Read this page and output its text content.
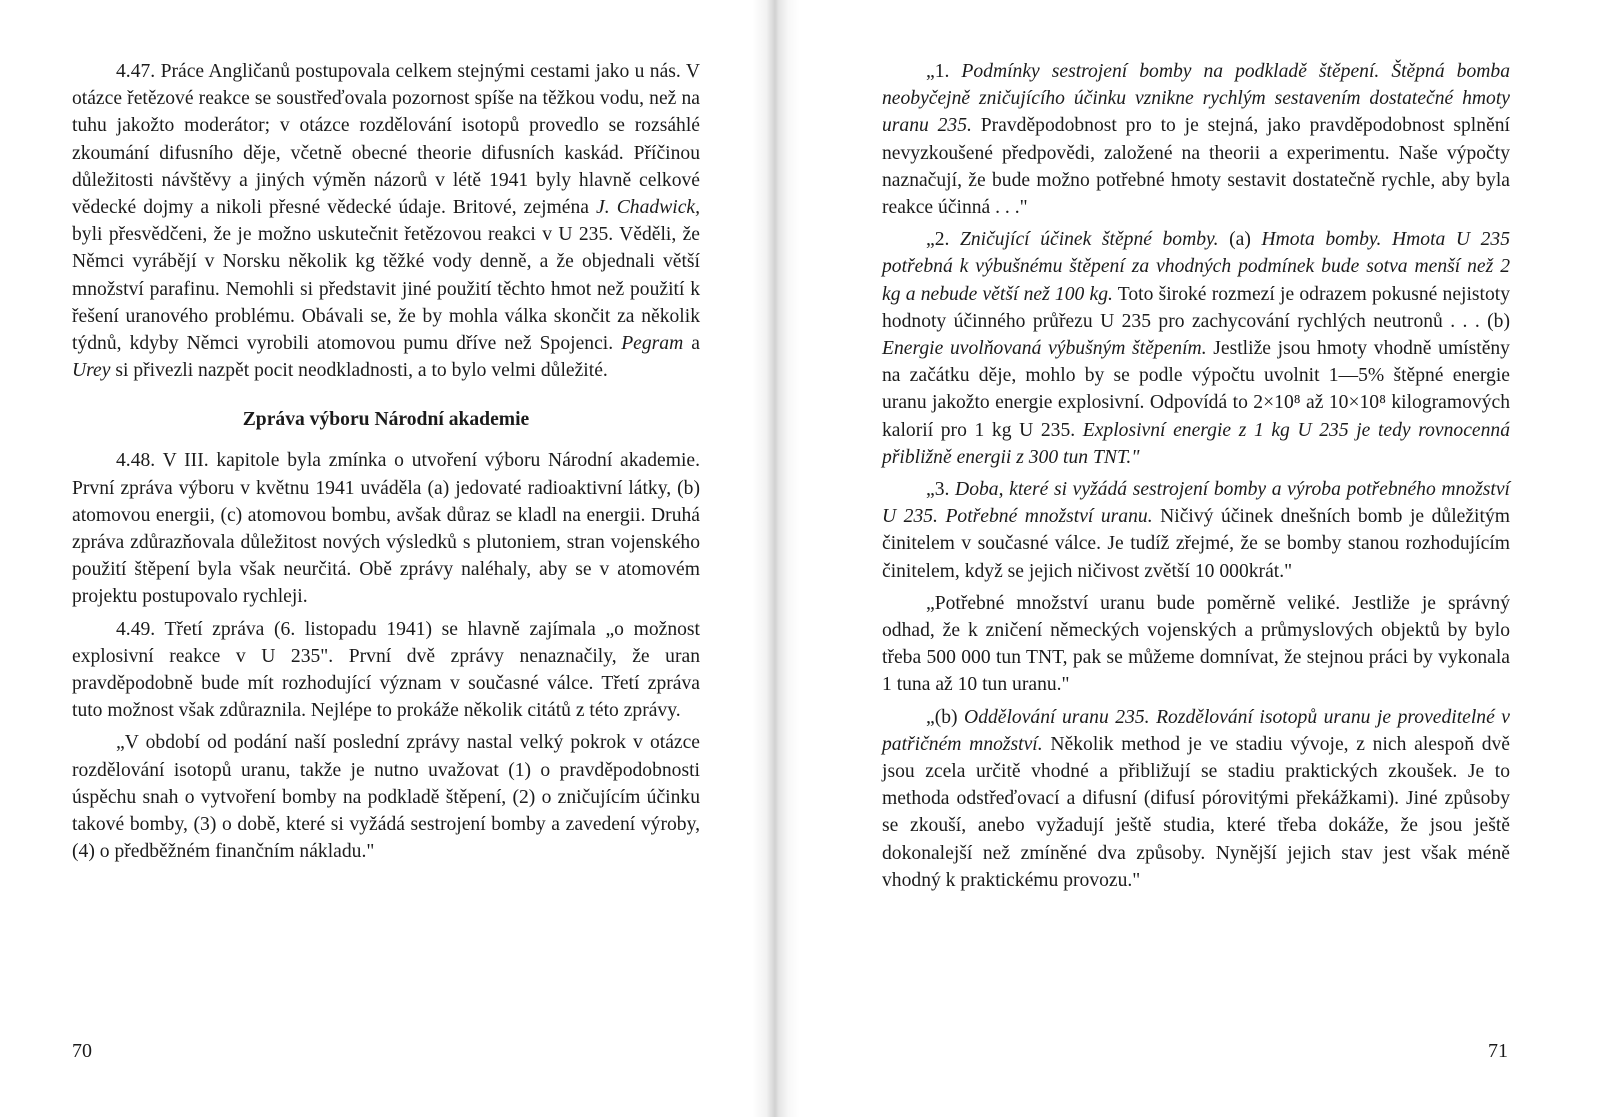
4.47. Práce Angličanů postupovala celkem stejnými cestami jako u nás. V otázce řetězové reakce se soustřeďovala pozornost spíše na těžkou vodu, než na tuhu jakožto moderátor; v otázce rozdělování isotopů provedlo se rozsáhlé zkoumání difusního děje, včetně obecné theorie difusních kaskád. Příčinou důležitosti návštěvy a jiných výměn názorů v létě 1941 byly hlavně celkové vědecké dojmy a nikoli přesné vědecké údaje. Britové, zejména J. Chadwick, byli přesvědčeni, že je možno uskutečnit řetězovou reakci v U 235. Věděli, že Němci vyrábějí v Norsku několik kg těžké vody denně, a že objednali větší množství parafinu. Nemohli si představit jiné použití těchto hmot než použití k řešení uranového problému. Obávali se, že by mohla válka skončit za několik týdnů, kdyby Němci vyrobili atomovou pumu dříve než Spojenci. Pegram a Urey si přivezli nazpět pocit neodkladnosti, a to bylo velmi důležité.

Zpráva výboru Národní akademie

4.48. V III. kapitole byla zmínka o utvoření výboru Národní akademie. První zpráva výboru v květnu 1941 uváděla (a) jedovaté radioaktivní látky, (b) atomovou energii, (c) atomovou bombu, avšak důraz se kladl na energii. Druhá zpráva zdůrazňovala důležitost nových výsledků s plutoniem, stran vojenského použití štěpení byla však neurčitá. Obě zprávy naléhaly, aby se v atomovém projektu postupovalo rychleji.

4.49. Třetí zpráva (6. listopadu 1941) se hlavně zajímala „o možnost explosivní reakce v U 235". První dvě zprávy nenaznačily, že uran pravděpodobně bude mít rozhodující význam v současné válce. Třetí zpráva tuto možnost však zdůraznila. Nejlépe to prokáže několik citátů z této zprávy.

„V období od podání naší poslední zprávy nastal velký pokrok v otázce rozdělování isotopů uranu, takže je nutno uvažovat (1) o pravděpodobnosti úspěchu snah o vytvoření bomby na podkladě štěpení, (2) o zničujícím účinku takové bomby, (3) o době, které si vyžádá sestrojení bomby a zavedení výroby, (4) o předběžném finančním nákladu."

70

„1. Podmínky sestrojení bomby na podkladě štěpení. Štěpná bomba neobyčejně zničujícího účinku vznikne rychlým sestavením dostatečné hmoty uranu 235. Pravděpodobnost pro to je stejná, jako pravděpodobnost splnění nevyzkoušené předpovědi, založené na theorii a experimentu. Naše výpočty naznačují, že bude možno potřebné hmoty sestavit dostatečně rychle, aby byla reakce účinná . . ."

„2. Zničující účinek štěpné bomby. (a) Hmota bomby. Hmota U 235 potřebná k výbušnému štěpení za vhodných podmínek bude sotva menší než 2 kg a nebude větší než 100 kg. Toto široké rozmezí je odrazem pokusné nejistoty hodnoty účinného průřezu U 235 pro zachycování rychlých neutronů . . . (b) Energie uvolňovaná výbušným štěpením. Jestliže jsou hmoty vhodně umístěny na začátku děje, mohlo by se podle výpočtu uvolnit 1—5% štěpné energie uranu jakožto energie explosivní. Odpovídá to 2×10⁸ až 10×10⁸ kilogramových kalorií pro 1 kg U 235. Explosivní energie z 1 kg U 235 je tedy rovnocenná přibližně energii z 300 tun TNT."

„3. Doba, které si vyžádá sestrojení bomby a výroba potřebného množství U 235. Potřebné množství uranu. Ničivý účinek dnešních bomb je důležitým činitelem v současné válce. Je tudíž zřejmé, že se bomby stanou rozhodujícím činitelem, když se jejich ničivost zvětší 10 000krát."

„Potřebné množství uranu bude poměrně veliké. Jestliže je správný odhad, že k zničení německých vojenských a průmyslových objektů by bylo třeba 500 000 tun TNT, pak se můžeme domnívat, že stejnou práci by vykonala 1 tuna až 10 tun uranu."

„(b) Oddělování uranu 235. Rozdělování isotopů uranu je proveditelné v patřičném množství. Několik method je ve stadiu vývoje, z nich alespoň dvě jsou zcela určitě vhodné a přibližují se stadiu praktických zkoušek. Je to methoda odstřeďovací a difusní (difusí pórovitými překážkami). Jiné způsoby se zkouší, anebo vyžadují ještě studia, které třeba dokáže, že jsou ještě dokonalejší než zmíněné dva způsoby. Nynější jejich stav jest však méně vhodný k praktickému provozu."

71
